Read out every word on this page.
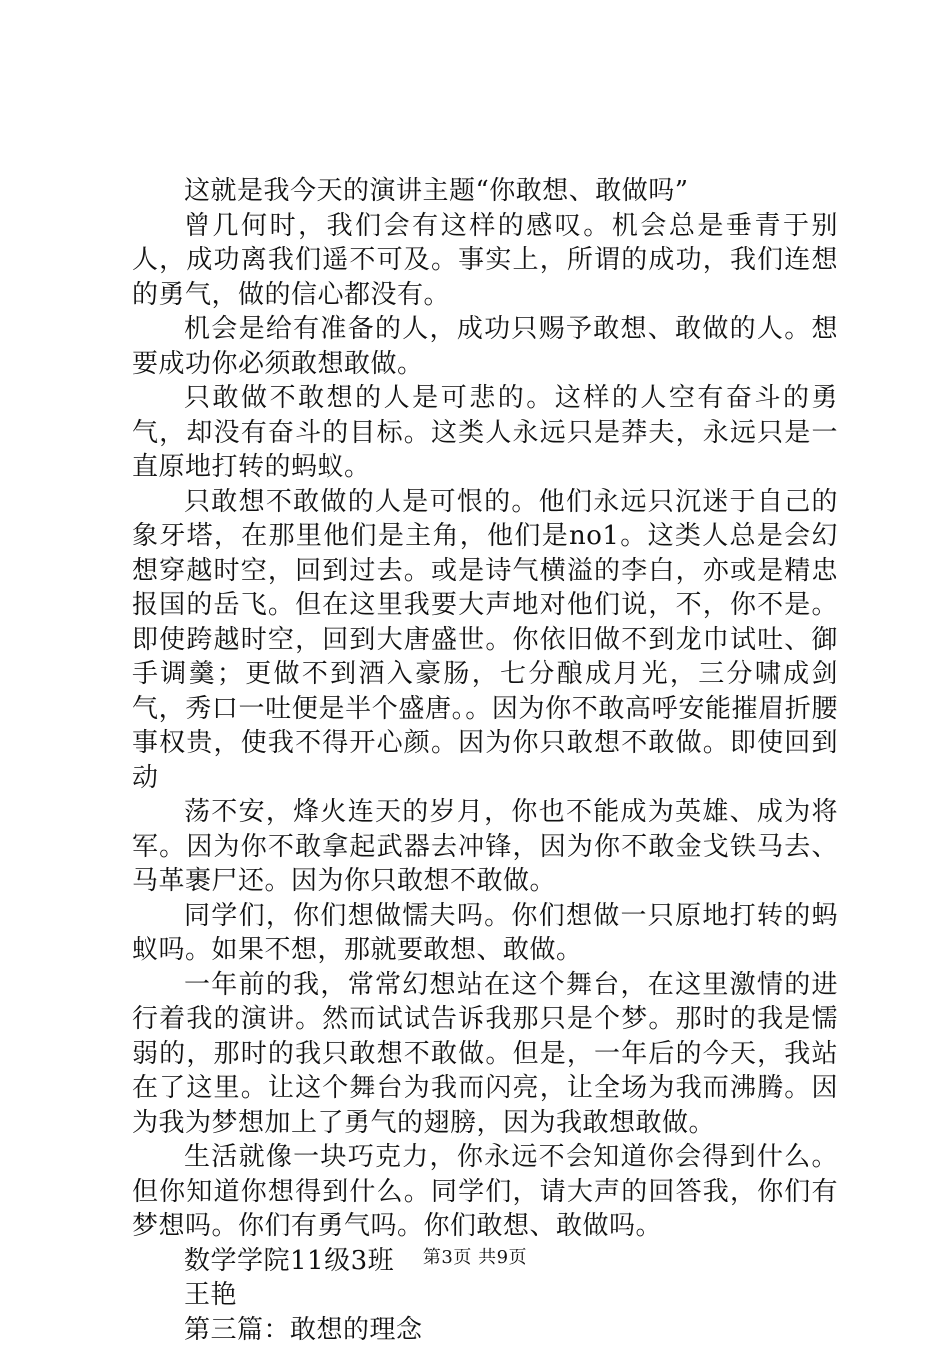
这就是我今天的演讲主题“你敢想、敢做吗”

曾几何时，我们会有这样的感叹。机会总是垂青于别人，成功离我们遥不可及。事实上，所谓的成功，我们连想的勇气，做的信心都没有。

机会是给有准备的人，成功只赐予敢想、敢做的人。想要成功你必须敢想敢做。

只敢做不敢想的人是可悲的。这样的人空有奋斗的勇气，却没有奋斗的目标。这类人永远只是莽夫，永远只是一直原地打转的蚂蚁。

只敢想不敢做的人是可恨的。他们永远只沉迷于自己的象牙塔，在那里他们是主角，他们是no1。这类人总是会幻想穿越时空，回到过去。或是诗气横溢的李白，亦或是精忠报国的岳飞。但在这里我要大声地对他们说，不，你不是。即使跨越时空，回到大唐盛世。你依旧做不到龙巾试吐、御手调羹；更做不到酒入豪肠，七分酿成月光，三分啸成剑气，秀口一吐便是半个盛唐。。因为你不敢高呼安能摧眉折腰事权贵，使我不得开心颜。因为你只敢想不敢做。即使回到动

荡不安，烽火连天的岁月，你也不能成为英雄、成为将军。因为你不敢拿起武器去冲锋，因为你不敢金戈铁马去、马革裹尸还。因为你只敢想不敢做。

同学们，你们想做懦夫吗。你们想做一只原地打转的蚂蚁吗。如果不想，那就要敢想、敢做。

一年前的我，常常幻想站在这个舞台，在这里激情的进行着我的演讲。然而试试告诉我那只是个梦。那时的我是懦弱的，那时的我只敢想不敢做。但是，一年后的今天，我站在了这里。让这个舞台为我而闪亮，让全场为我而沸腾。因为我为梦想加上了勇气的翅膀，因为我敢想敢做。

生活就像一块巧克力，你永远不会知道你会得到什么。但你知道你想得到什么。同学们，请大声的回答我，你们有梦想吗。你们有勇气吗。你们敢想、敢做吗。

数学学院11级3班

王艳

第三篇：敢想的理念

第3页 共9页
